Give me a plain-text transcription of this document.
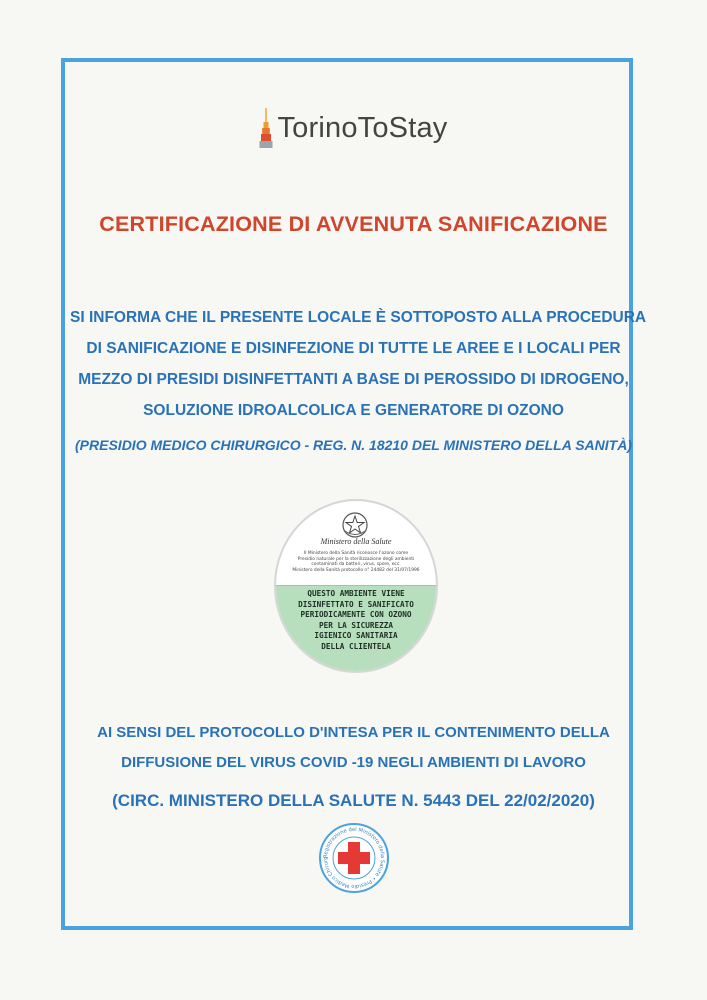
TorinoToStay
CERTIFICAZIONE DI AVVENUTA SANIFICAZIONE

SI INFORMA CHE IL PRESENTE LOCALE È SOTTOPOSTO ALLA PROCEDURA

DI SANIFICAZIONE E DISINFEZIONE DI TUTTE LE AREE E I LOCALI PER

MEZZO DI PRESIDI DISINFETTANTI A BASE DI PEROSSIDO DI IDROGENO,

SOLUZIONE IDROALCOLICA E GENERATORE DI OZONO

(PRESIDIO MEDICO CHIRURGICO - REG. N. 18210 DEL MINISTERO DELLA SANITÀ)

Ministero della Salute
Il Ministero della Sanità riconosce l'ozono come
Presidio naturale per la sterilizzazione degli ambienti
contaminati da batteri, virus, spore, ecc.
Ministero della Sanità protocollo n° 24482 del 31/07/1996
QUESTO AMBIENTE VIENE
DISINFETTATO E SANIFICATO
PERIODICAMENTE CON OZONO
PER LA SICUREZZA
IGIENICO SANITARIA
DELLA CLIENTELA

AI SENSI DEL PROTOCOLLO D'INTESA PER IL CONTENIMENTO DELLA

DIFFUSIONE DEL VIRUS COVID -19 NEGLI AMBIENTI DI LAVORO

(CIRC. MINISTERO DELLA SALUTE N. 5443 DEL 22/02/2020)

Registrazione del Ministero della Salute • Presidio Medico Chirurg
